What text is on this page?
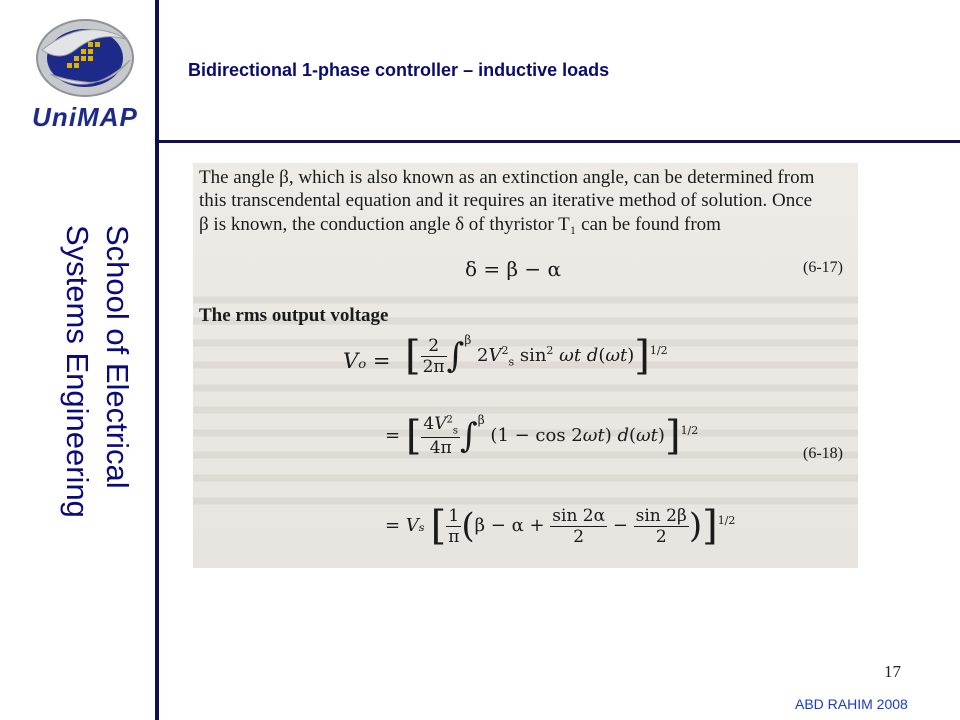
UniMAP
Bidirectional 1-phase controller – inductive loads
School of Electrical
Systems Engineering
The angle β, which is also known as an extinction angle, can be determined from
this transcendental equation and it requires an iterative method of solution. Once
β is known, the conduction angle δ of thyristor T₁ can be found from
δ = β − α	(6-17)
The rms output voltage
Vₒ = [ $\frac{2}{2\pi} \int^\beta$ $2V^2_s$ $\sin^2 \omega t$ d(ωt)]$^{1/2}$
= [ $\frac{4V^2_s}{4\pi} \int^\beta$ (1 − cos 2ωt) d(ωt)]$^{1/2}$
(6-18)
= Vₛ [ $\frac{1}{\pi} (\beta - \alpha + \frac{\sin 2\alpha}{2} - \frac{\sin 2\beta}{2} )]^{1/2}$
17
ABD RAHIM 2008
